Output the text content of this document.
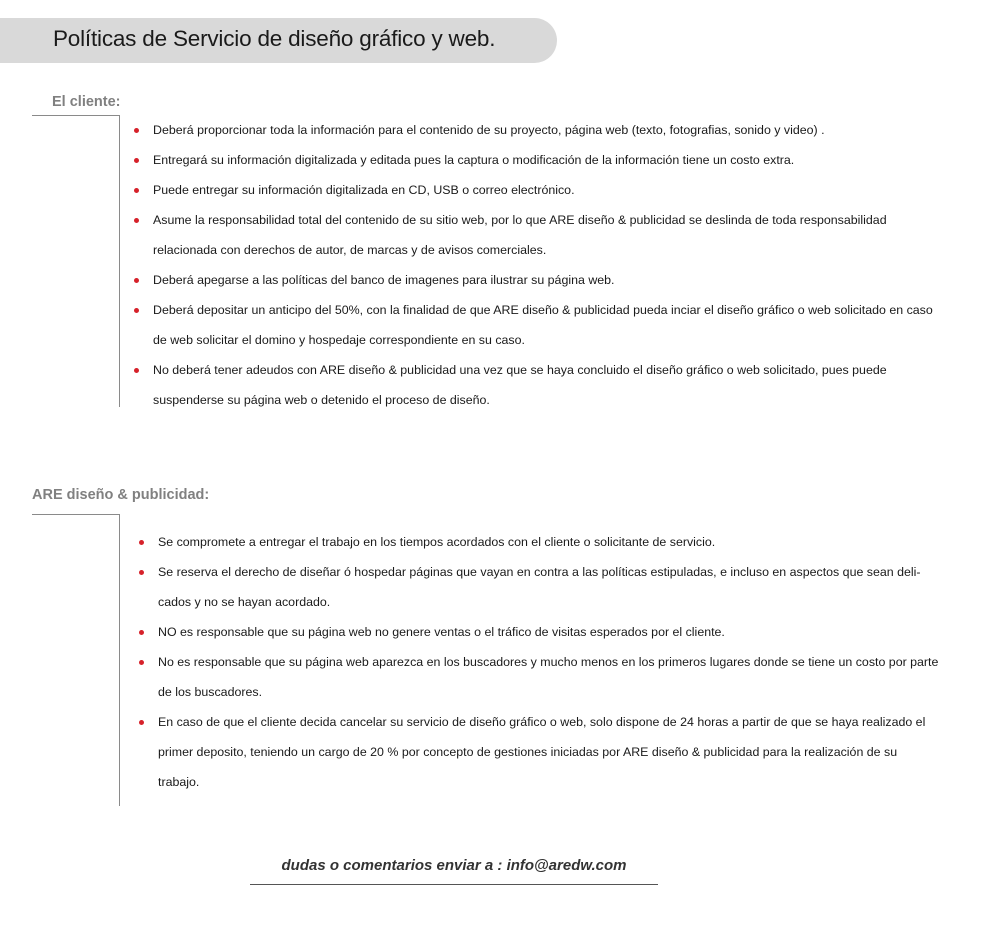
Políticas de Servicio de diseño gráfico y web.
El cliente:
Deberá proporcionar toda la información para el contenido de su proyecto, página web (texto, fotografias, sonido y video) .
Entregará su información digitalizada y editada pues la captura o modificación de la información tiene un costo extra.
Puede entregar su información digitalizada en CD, USB o correo electrónico.
Asume la responsabilidad total del contenido de su sitio web, por lo que ARE diseño & publicidad se deslinda de toda responsabilidad relacionada con derechos de autor, de marcas y de avisos comerciales.
Deberá apegarse a las políticas del banco de imagenes para ilustrar su página web.
Deberá depositar un anticipo del 50%, con la finalidad de que ARE diseño & publicidad pueda inciar el diseño gráfico o web solicitado en caso de web solicitar el domino y hospedaje correspondiente en su caso.
No deberá tener adeudos con ARE diseño & publicidad una vez que se haya concluido el diseño gráfico o web solicitado, pues puede suspenderse su página web o detenido el proceso de diseño.
ARE diseño & publicidad:
Se compromete a entregar el trabajo en los tiempos acordados con el cliente o solicitante de servicio.
Se reserva el derecho de diseñar ó hospedar páginas que vayan en contra a las políticas estipuladas, e incluso en aspectos que sean deli- cados y no se hayan acordado.
NO es responsable que su página web no genere ventas o el tráfico de visitas esperados por el cliente.
No es responsable que su página web aparezca en los buscadores y mucho menos en los primeros lugares donde se tiene un costo por parte de los buscadores.
En caso de que el cliente decida cancelar su servicio de diseño gráfico o web, solo dispone de 24 horas a partir de que se haya realizado el primer deposito, teniendo un cargo de 20 % por concepto de gestiones iniciadas por ARE diseño & publicidad para la realización de su trabajo.
dudas o comentarios enviar a : info@aredw.com
